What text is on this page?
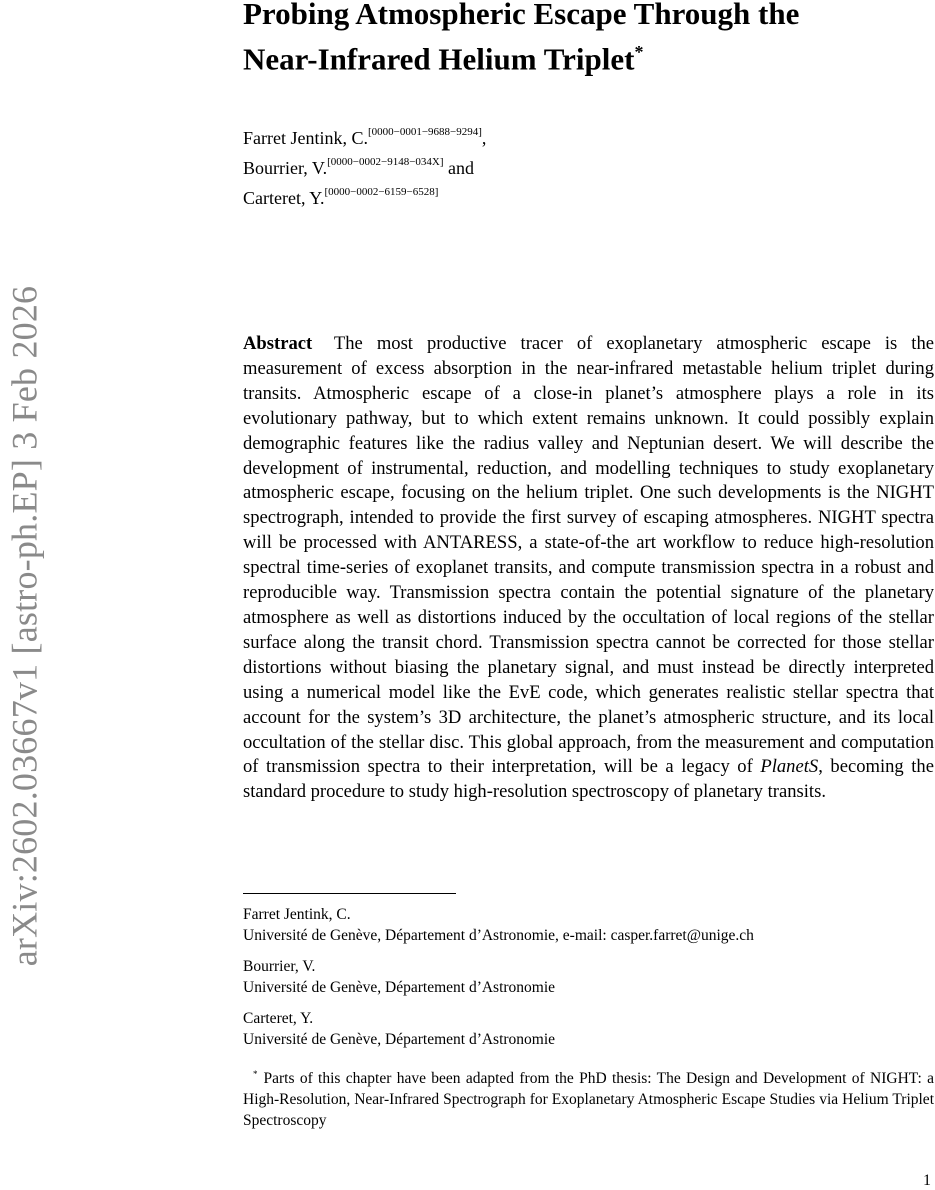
arXiv:2602.03667v1 [astro-ph.EP] 3 Feb 2026
Probing Atmospheric Escape Through the
Near-Infrared Helium Triplet*
Farret Jentink, C.[0000−0001−9688−9294],
Bourrier, V.[0000−0002−9148−034X] and
Carteret, Y.[0000−0002−6159−6528]

Abstract The most productive tracer of exoplanetary atmospheric escape is the measurement of excess absorption in the near-infrared metastable helium triplet during transits. Atmospheric escape of a close-in planet’s atmosphere plays a role in its evolutionary pathway, but to which extent remains unknown. It could possibly explain demographic features like the radius valley and Neptunian desert. We will describe the development of instrumental, reduction, and modelling techniques to study exoplanetary atmospheric escape, focusing on the helium triplet. One such developments is the NIGHT spectrograph, intended to provide the first survey of escaping atmospheres. NIGHT spectra will be processed with ANTARESS, a state-of-the art workflow to reduce high-resolution spectral time-series of exoplanet transits, and compute transmission spectra in a robust and reproducible way. Transmission spectra contain the potential signature of the planetary atmosphere as well as distortions induced by the occultation of local regions of the stellar surface along the transit chord. Transmission spectra cannot be corrected for those stellar distortions without biasing the planetary signal, and must instead be directly interpreted using a numerical model like the EvE code, which generates realistic stellar spectra that account for the system’s 3D architecture, the planet’s atmospheric structure, and its local occultation of the stellar disc. This global approach, from the measurement and computation of transmission spectra to their interpretation, will be a legacy of PlanetS, becoming the standard procedure to study high-resolution spectroscopy of planetary transits.

Farret Jentink, C.
Université de Genève, Département d’Astronomie, e-mail: casper.farret@unige.ch
Bourrier, V.
Université de Genève, Département d’Astronomie
Carteret, Y.
Université de Genève, Département d’Astronomie

* Parts of this chapter have been adapted from the PhD thesis: The Design and Development of NIGHT: a High-Resolution, Near-Infrared Spectrograph for Exoplanetary Atmospheric Escape Studies via Helium Triplet Spectroscopy

1
